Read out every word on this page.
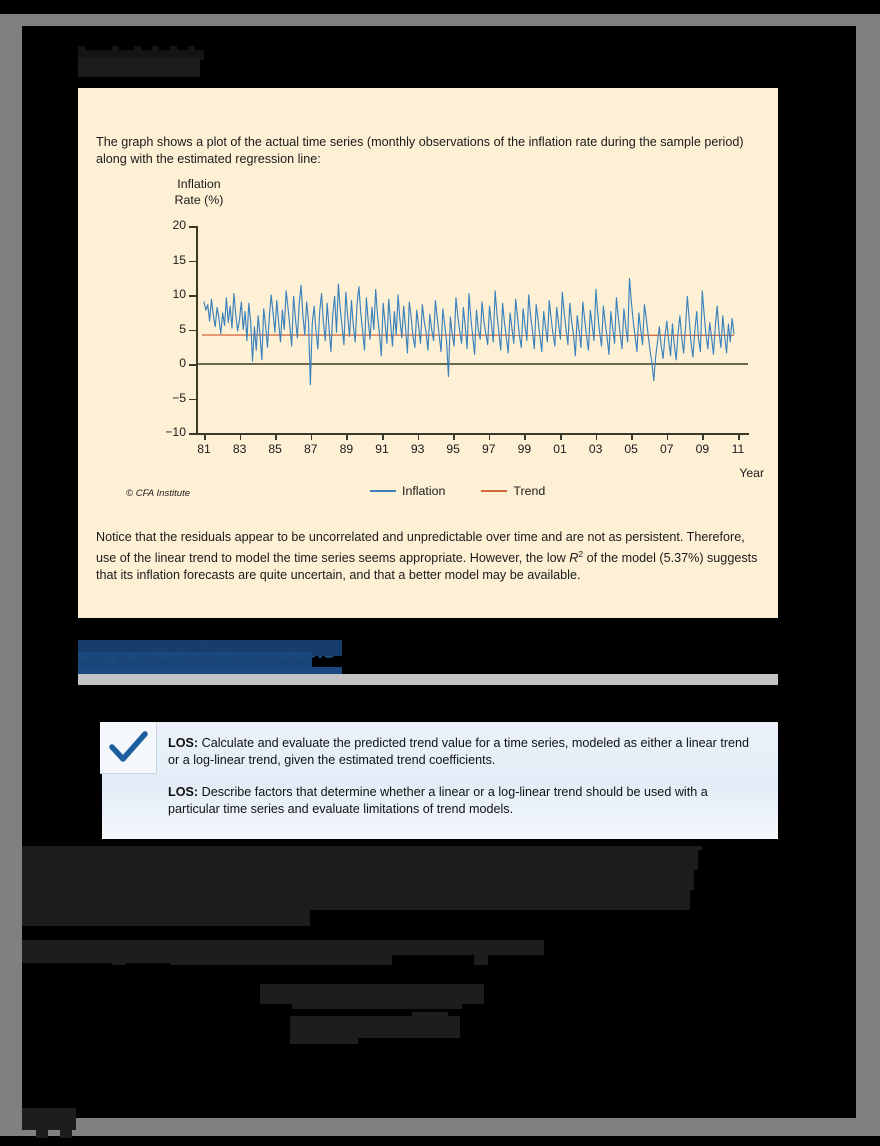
The graph shows a plot of the actual time series (monthly observations of the inflation rate during the sample period) along with the estimated regression line:
Inflation
Rate (%)
20
15
10
5
0
−5
−10
81	83	85	87	89	91	93	95	97	99	01	03	05	07	09	11
Year
© CFA Institute	Inflation	Trend
Notice that the residuals appear to be uncorrelated and unpredictable over time and are not as persistent. Therefore, use of the linear trend to model the time series seems appropriate. However, the low $R^2$ of the model (5.37%) suggests that its inflation forecasts are quite uncertain, and that a better model may be available.
LOS: Calculate and evaluate the predicted trend value for a time series, modeled as either a linear trend or a log-linear trend, given the estimated trend coefficients.
LOS: Describe factors that determine whether a linear or a log-linear trend should be used with a particular time series and evaluate limitations of trend models.
